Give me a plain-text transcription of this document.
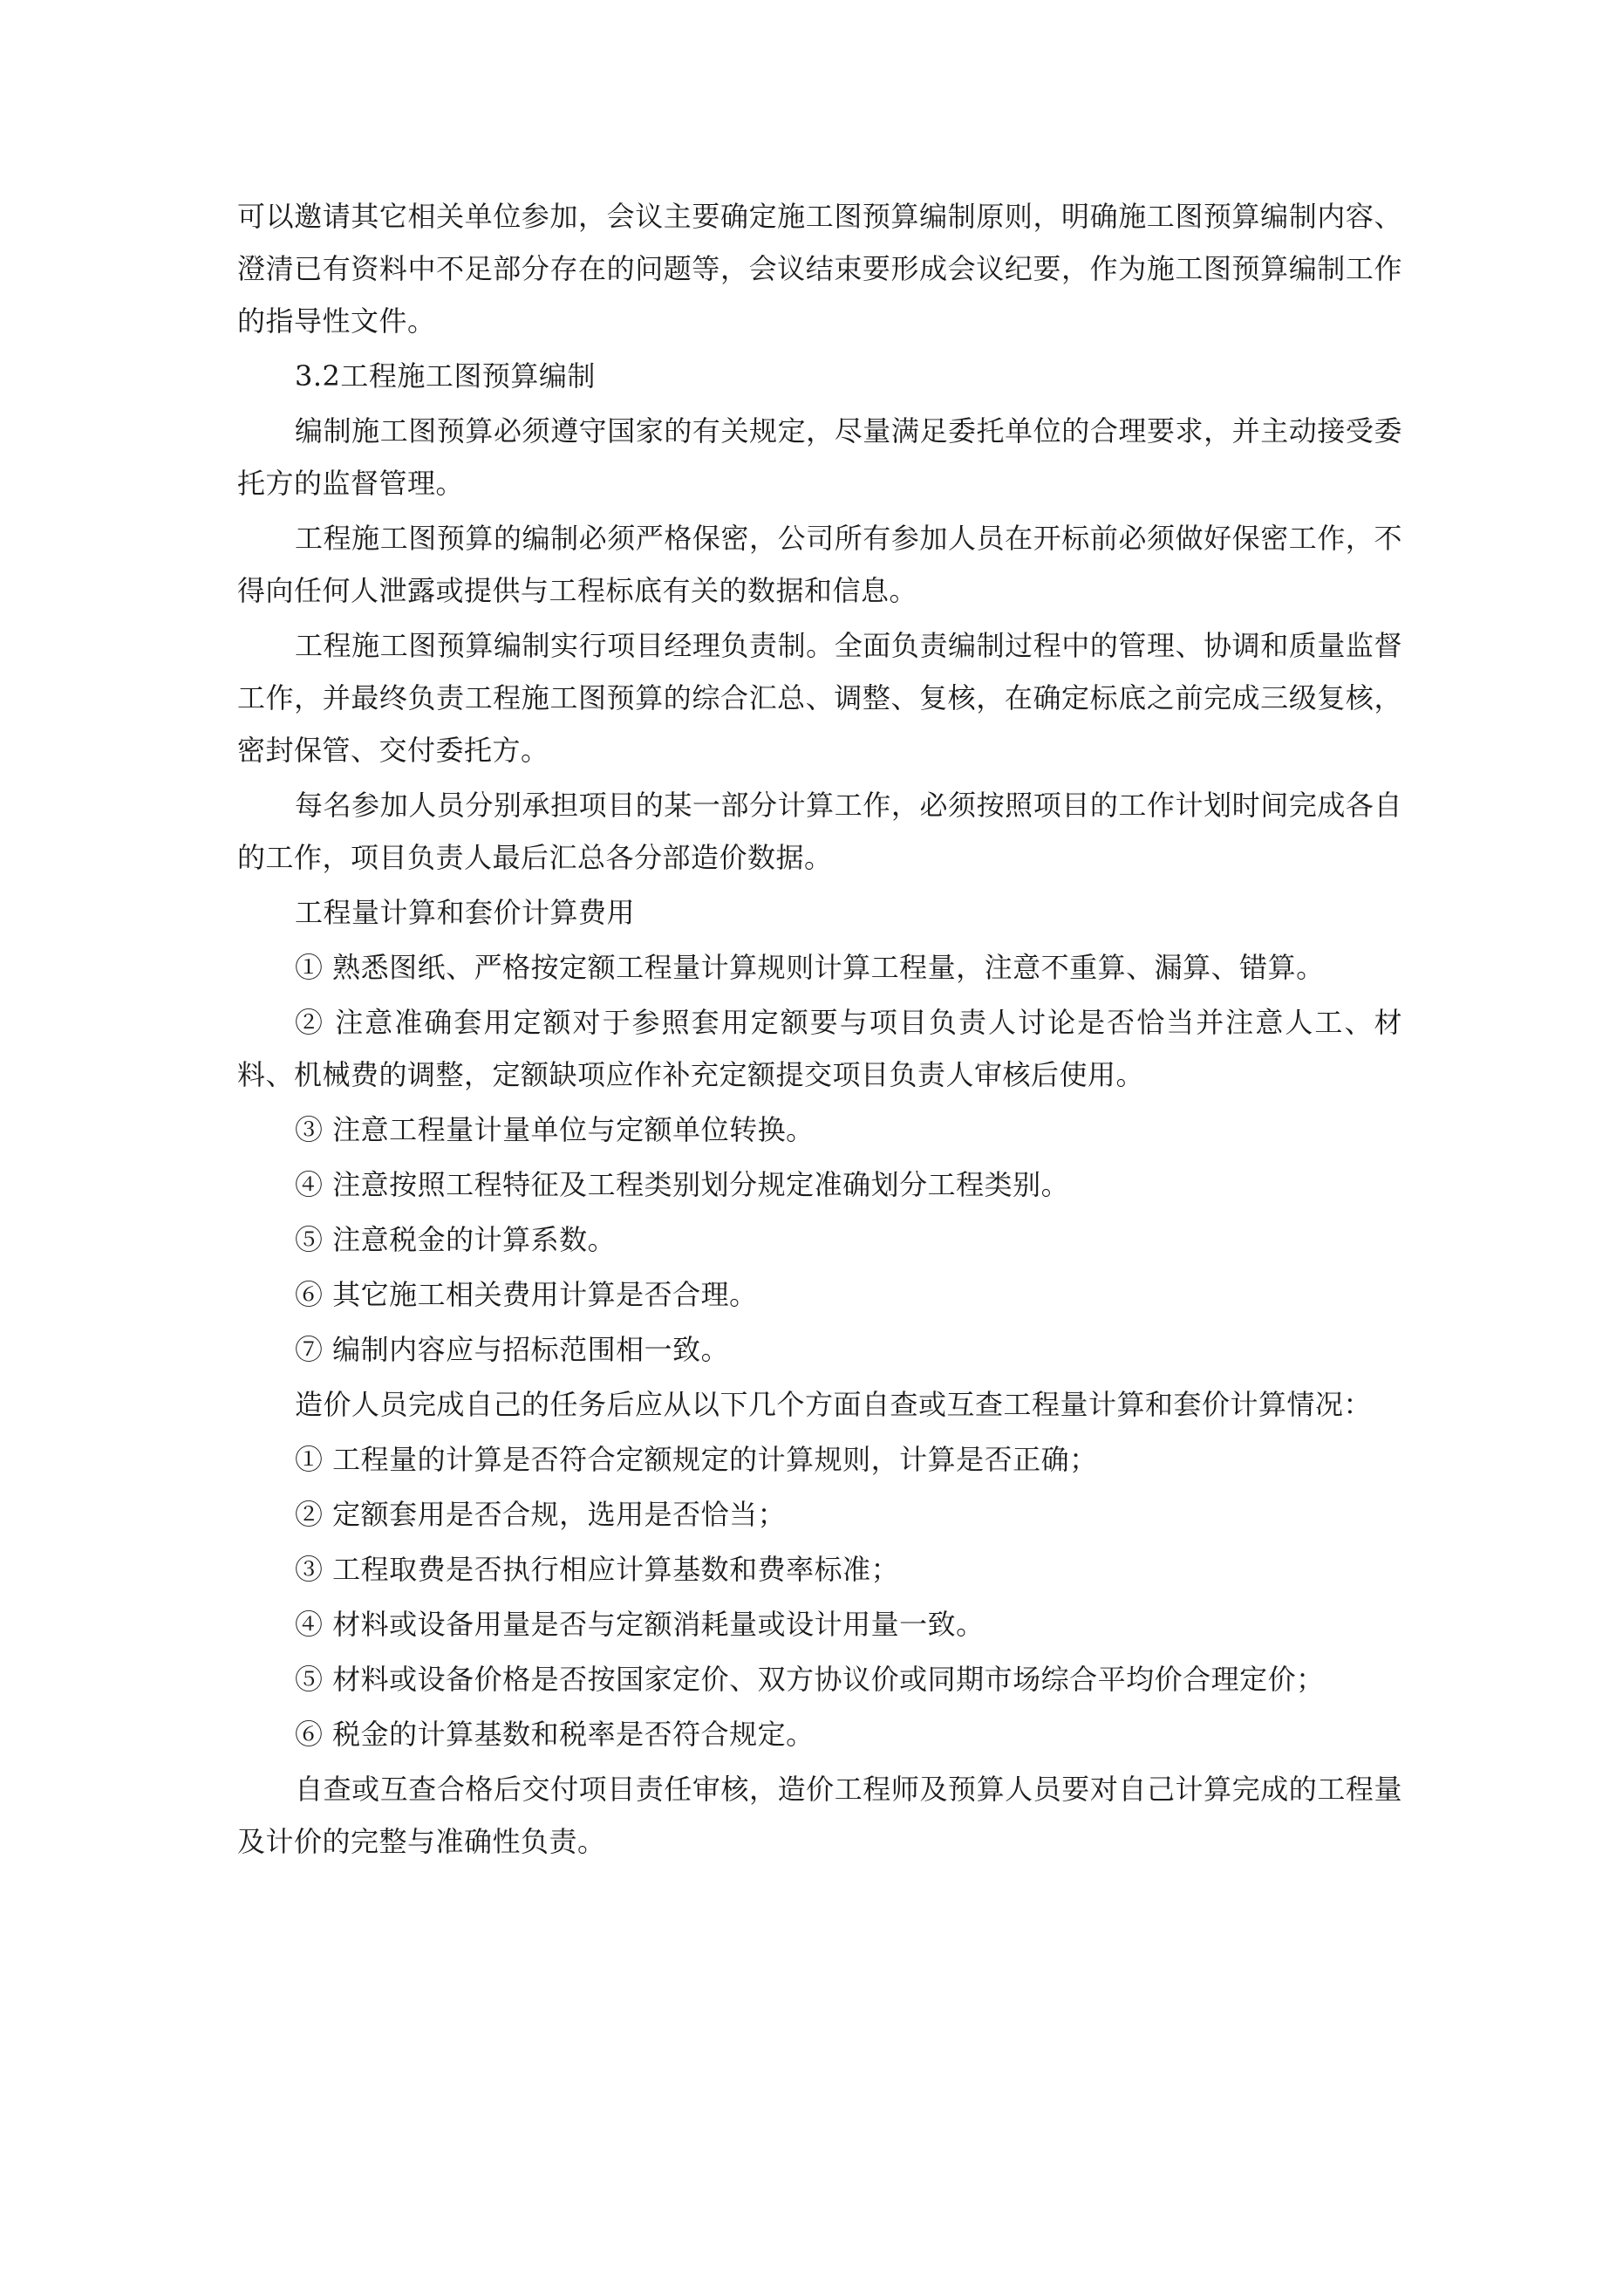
可以邀请其它相关单位参加，会议主要确定施工图预算编制原则，明确施工图预算编制内容、澄清已有资料中不足部分存在的问题等，会议结束要形成会议纪要，作为施工图预算编制工作的指导性文件。

3.2工程施工图预算编制

编制施工图预算必须遵守国家的有关规定，尽量满足委托单位的合理要求，并主动接受委托方的监督管理。

工程施工图预算的编制必须严格保密，公司所有参加人员在开标前必须做好保密工作，不得向任何人泄露或提供与工程标底有关的数据和信息。

工程施工图预算编制实行项目经理负责制。全面负责编制过程中的管理、协调和质量监督工作，并最终负责工程施工图预算的综合汇总、调整、复核，在确定标底之前完成三级复核，密封保管、交付委托方。

每名参加人员分别承担项目的某一部分计算工作，必须按照项目的工作计划时间完成各自的工作，项目负责人最后汇总各分部造价数据。

工程量计算和套价计算费用

① 熟悉图纸、严格按定额工程量计算规则计算工程量，注意不重算、漏算、错算。

② 注意准确套用定额对于参照套用定额要与项目负责人讨论是否恰当并注意人工、材料、机械费的调整，定额缺项应作补充定额提交项目负责人审核后使用。

③ 注意工程量计量单位与定额单位转换。

④ 注意按照工程特征及工程类别划分规定准确划分工程类别。

⑤ 注意税金的计算系数。

⑥ 其它施工相关费用计算是否合理。

⑦ 编制内容应与招标范围相一致。

造价人员完成自己的任务后应从以下几个方面自查或互查工程量计算和套价计算情况：

① 工程量的计算是否符合定额规定的计算规则，计算是否正确；

② 定额套用是否合规，选用是否恰当；

③ 工程取费是否执行相应计算基数和费率标准；

④ 材料或设备用量是否与定额消耗量或设计用量一致。

⑤ 材料或设备价格是否按国家定价、双方协议价或同期市场综合平均价合理定价；

⑥ 税金的计算基数和税率是否符合规定。

自查或互查合格后交付项目责任审核，造价工程师及预算人员要对自己计算完成的工程量及计价的完整与准确性负责。
